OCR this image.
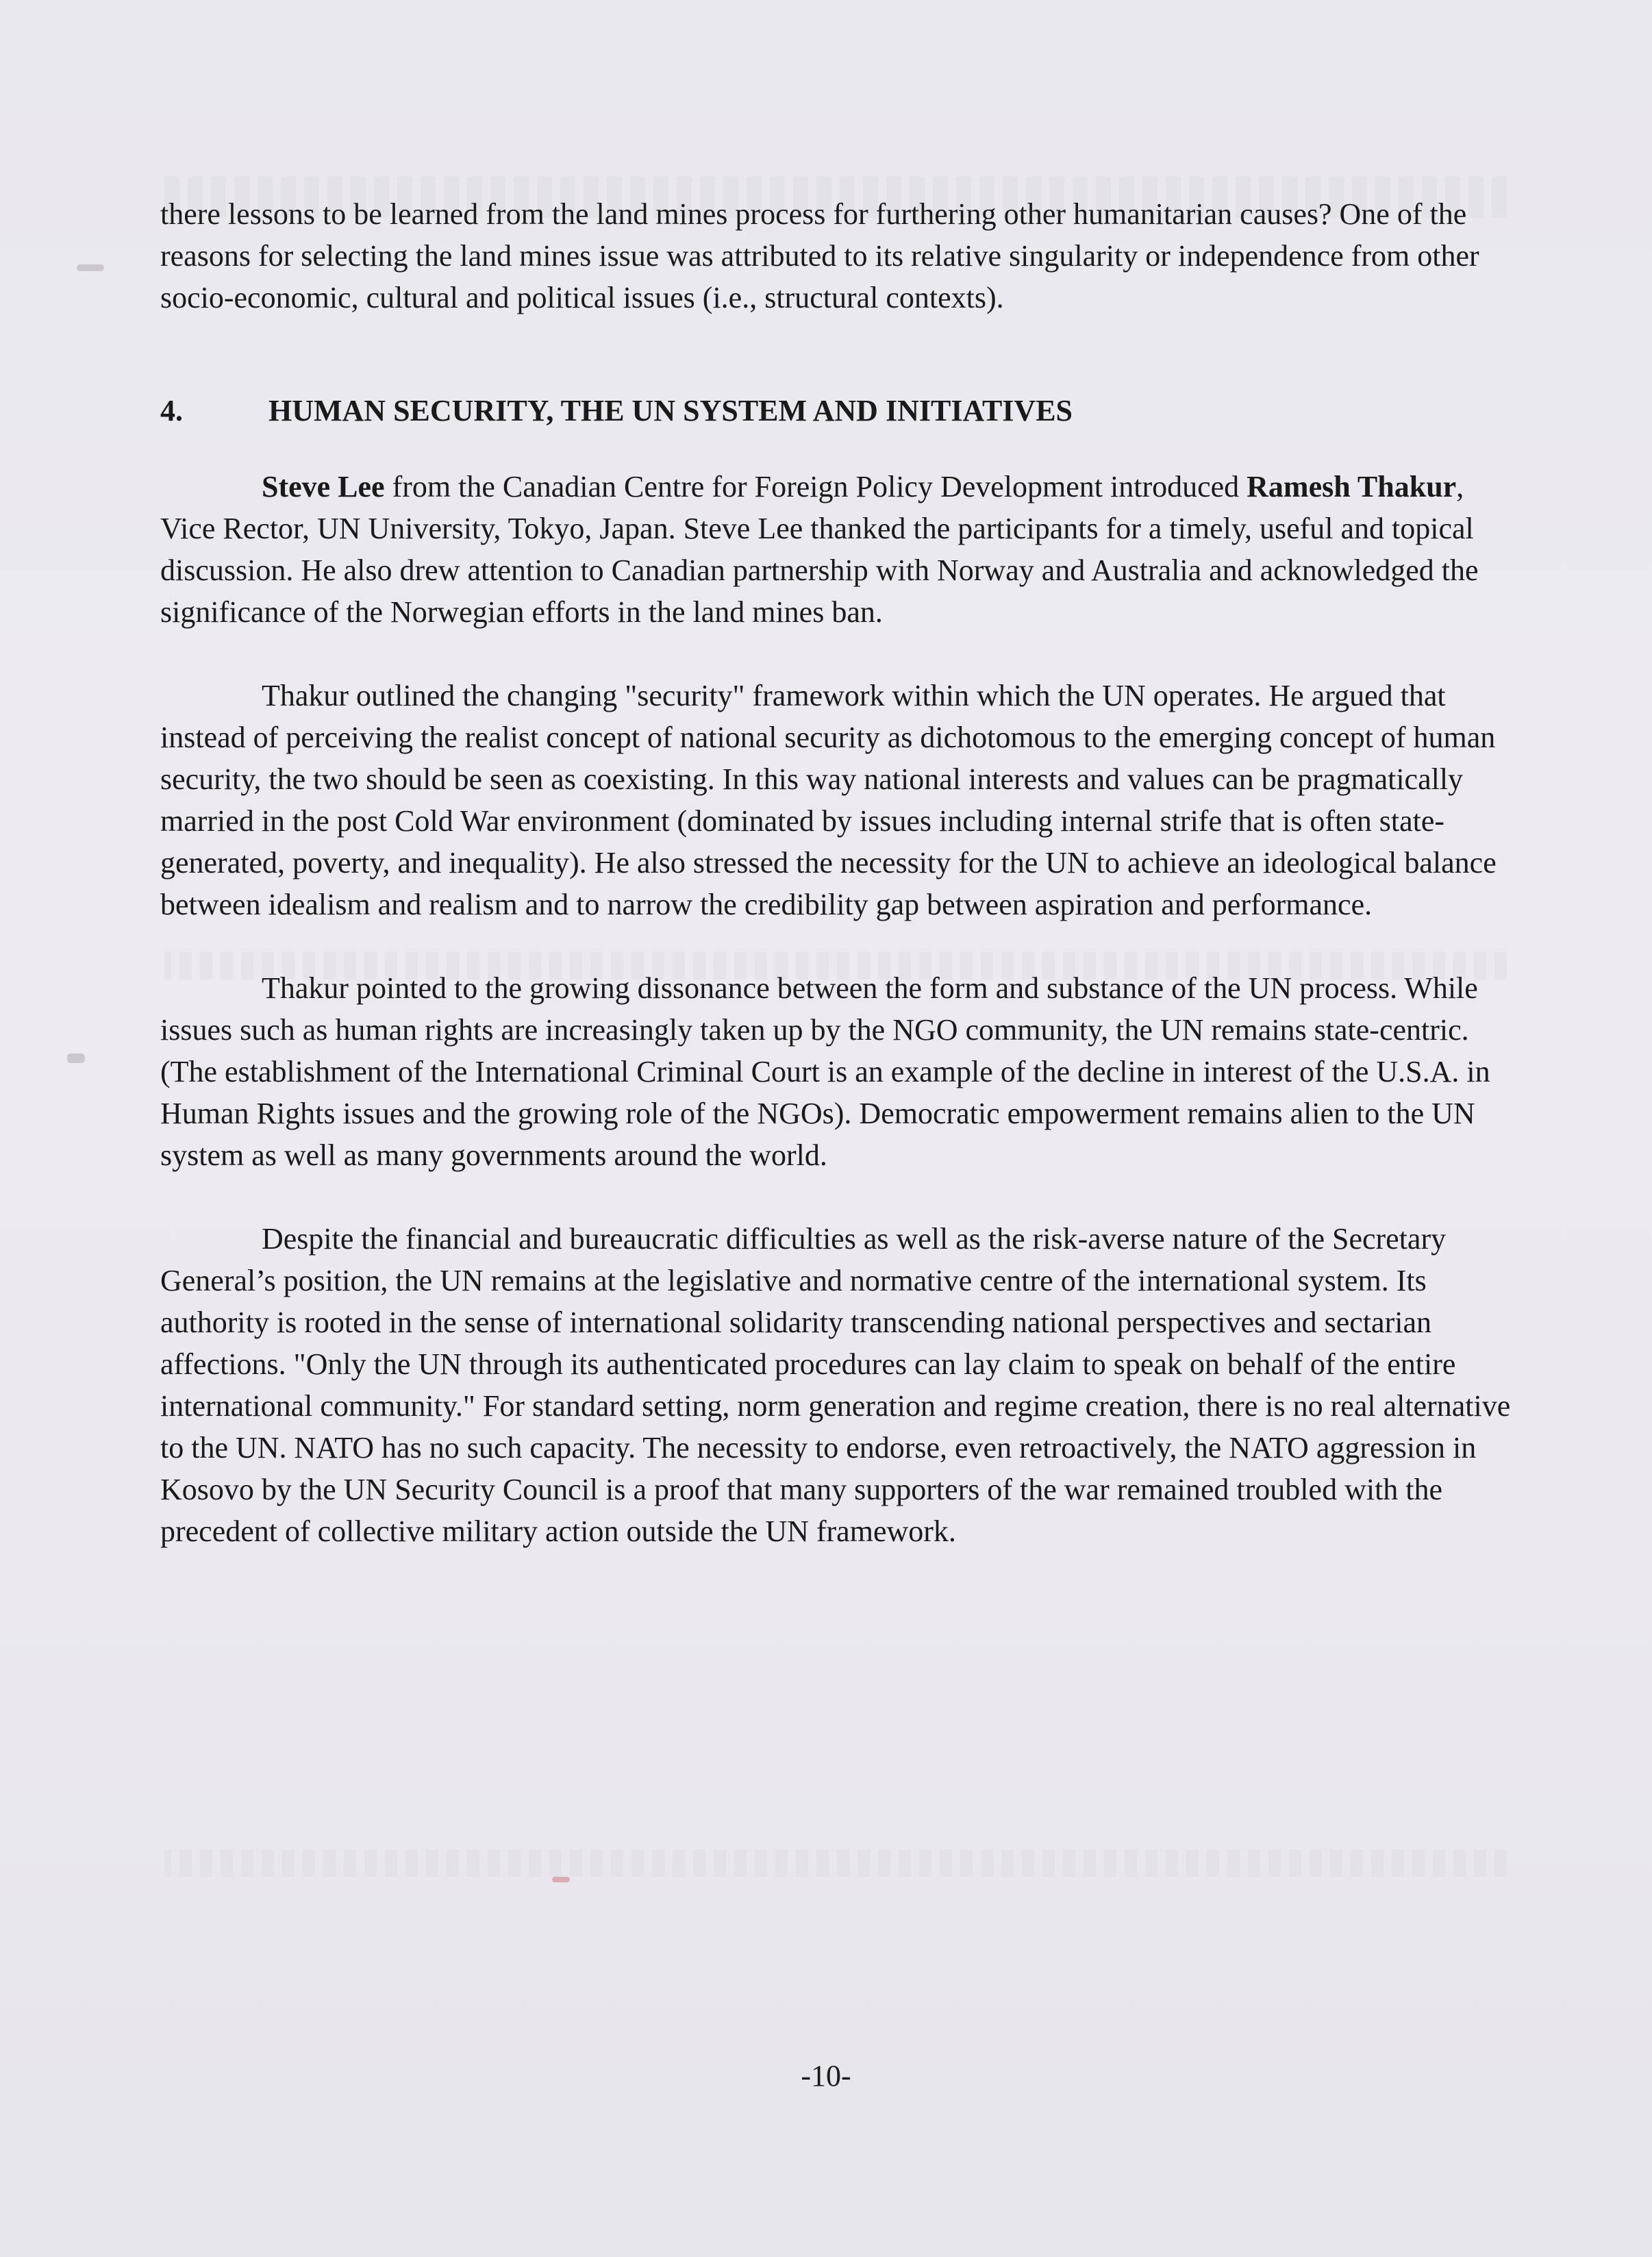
there lessons to be learned from the land mines process for furthering other humanitarian causes? One of the reasons for selecting the land mines issue was attributed to its relative singularity or independence from other socio-economic, cultural and political issues (i.e., structural contexts).

4.	HUMAN SECURITY, THE UN SYSTEM AND INITIATIVES

Steve Lee from the Canadian Centre for Foreign Policy Development introduced Ramesh Thakur, Vice Rector, UN University, Tokyo, Japan. Steve Lee thanked the participants for a timely, useful and topical discussion. He also drew attention to Canadian partnership with Norway and Australia and acknowledged the significance of the Norwegian efforts in the land mines ban.

Thakur outlined the changing "security" framework within which the UN operates. He argued that instead of perceiving the realist concept of national security as dichotomous to the emerging concept of human security, the two should be seen as coexisting. In this way national interests and values can be pragmatically married in the post Cold War environment (dominated by issues including internal strife that is often state-generated, poverty, and inequality). He also stressed the necessity for the UN to achieve an ideological balance between idealism and realism and to narrow the credibility gap between aspiration and performance.

Thakur pointed to the growing dissonance between the form and substance of the UN process. While issues such as human rights are increasingly taken up by the NGO community, the UN remains state-centric. (The establishment of the International Criminal Court is an example of the decline in interest of the U.S.A. in Human Rights issues and the growing role of the NGOs). Democratic empowerment remains alien to the UN system as well as many governments around the world.

Despite the financial and bureaucratic difficulties as well as the risk-averse nature of the Secretary General’s position, the UN remains at the legislative and normative centre of the international system. Its authority is rooted in the sense of international solidarity transcending national perspectives and sectarian affections. "Only the UN through its authenticated procedures can lay claim to speak on behalf of the entire international community." For standard setting, norm generation and regime creation, there is no real alternative to the UN. NATO has no such capacity. The necessity to endorse, even retroactively, the NATO aggression in Kosovo by the UN Security Council is a proof that many supporters of the war remained troubled with the precedent of collective military action outside the UN framework.

-10-
